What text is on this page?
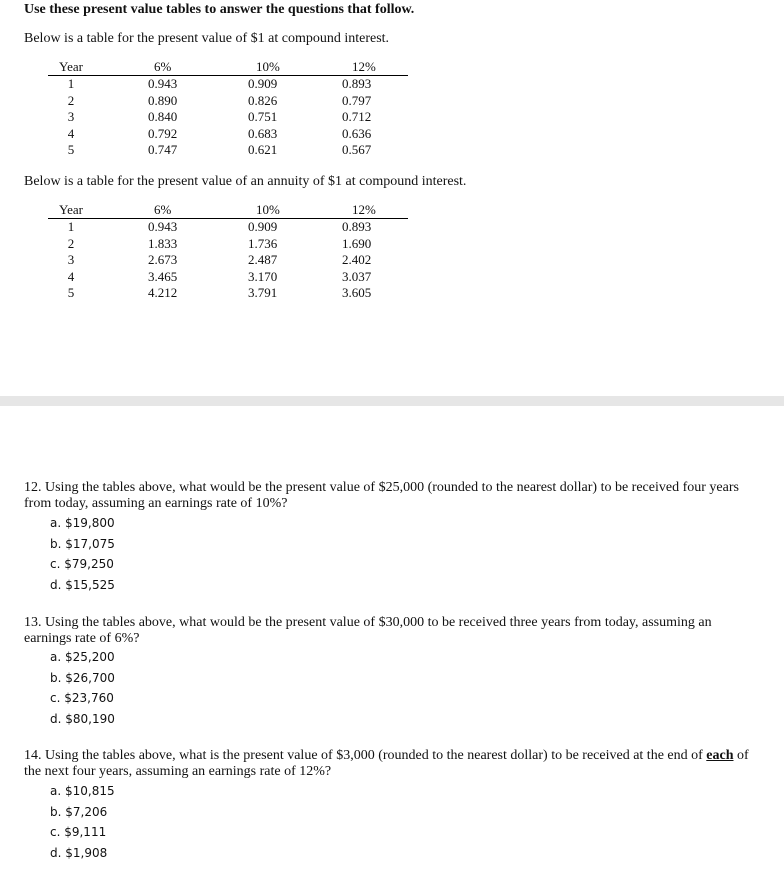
Use these present value tables to answer the questions that follow.
Below is a table for the present value of $1 at compound interest.
Year		6%	10%	12%
1		0.943	0.909	0.893
2		0.890	0.826	0.797
3		0.840	0.751	0.712
4		0.792	0.683	0.636
5		0.747	0.621	0.567
Below is a table for the present value of an annuity of $1 at compound interest.
Year		6%	10%	12%
1		0.943	0.909	0.893
2		1.833	1.736	1.690
3		2.673	2.487	2.402
4		3.465	3.170	3.037
5		4.212	3.791	3.605
12. Using the tables above, what would be the present value of $25,000 (rounded to the nearest dollar) to be received four years from today, assuming an earnings rate of 10%?
a. $19,800
b. $17,075
c. $79,250
d. $15,525
13. Using the tables above, what would be the present value of $30,000 to be received three years from today, assuming an earnings rate of 6%?
a. $25,200
b. $26,700
c. $23,760
d. $80,190
14. Using the tables above, what is the present value of $3,000 (rounded to the nearest dollar) to be received at the end of each of the next four years, assuming an earnings rate of 12%?
a. $10,815
b. $7,206
c. $9,111
d. $1,908
